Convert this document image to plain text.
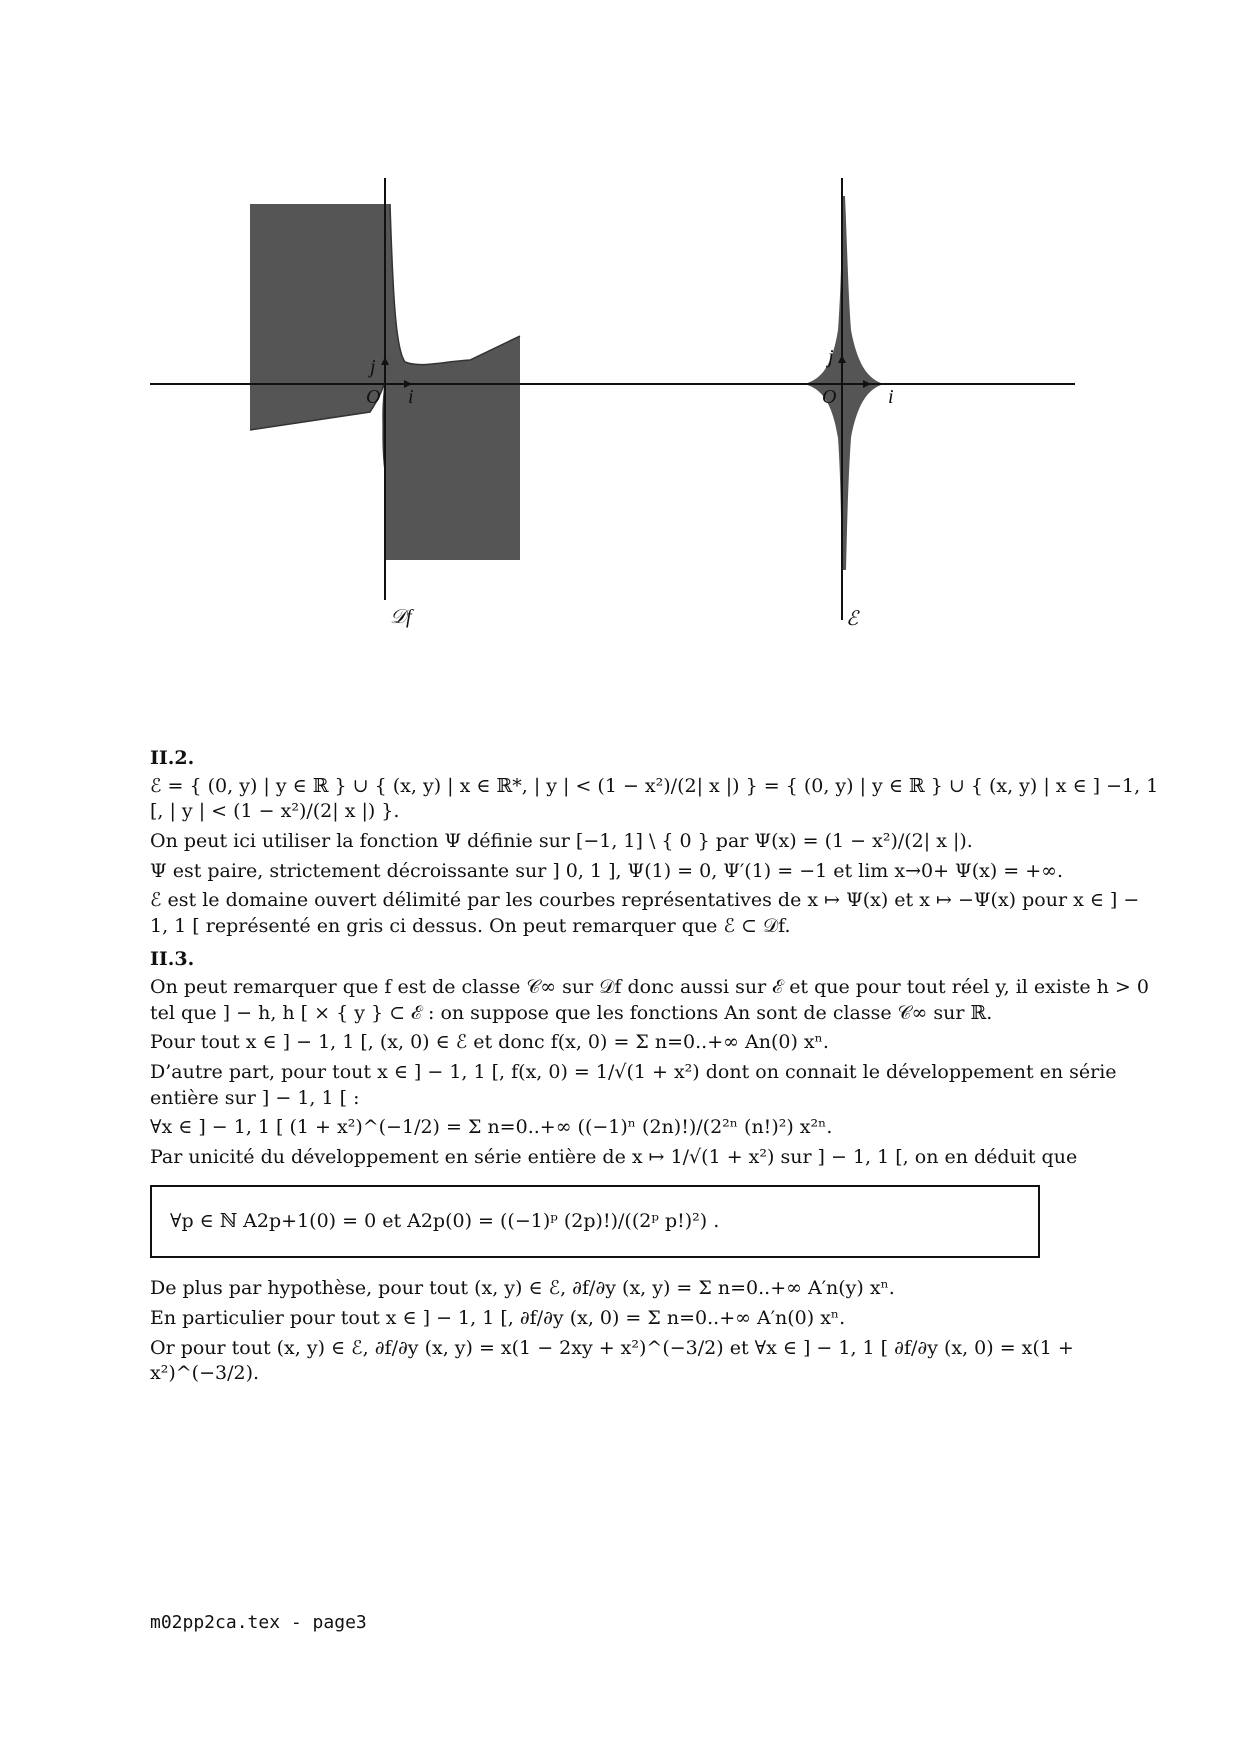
O i⃗
j⃗
𝒟f
O	i⃗
j⃗
ℰ

II.2.

ℰ = { (0, y) | y ∈ ℝ } ∪ { (x, y) | x ∈ ℝ*, | y | < (1 − x²)/(2| x |) } = { (0, y) | y ∈ ℝ } ∪ { (x, y) | x ∈ ] −1, 1 [, | y | < (1 − x²)/(2| x |) }.

On peut ici utiliser la fonction Ψ définie sur [−1, 1] \ { 0 } par Ψ(x) = (1 − x²)/(2| x |).

Ψ est paire, strictement décroissante sur ] 0, 1 ], Ψ(1) = 0, Ψ′(1) = −1 et lim x→0+ Ψ(x) = +∞.

ℰ est le domaine ouvert délimité par les courbes représentatives de x ↦ Ψ(x) et x ↦ −Ψ(x) pour x ∈ ] − 1, 1 [ représenté en gris ci dessus. On peut remarquer que ℰ ⊂ 𝒟f.

II.3.

On peut remarquer que f est de classe 𝒞∞ sur 𝒟f donc aussi sur ℰ et que pour tout réel y, il existe h > 0 tel que ] − h, h [ × { y } ⊂ ℰ : on suppose que les fonctions An sont de classe 𝒞∞ sur ℝ.

Pour tout x ∈ ] − 1, 1 [, (x, 0) ∈ ℰ et donc f(x, 0) = Σ n=0..+∞ An(0) xⁿ.

D’autre part, pour tout x ∈ ] − 1, 1 [, f(x, 0) = 1/√(1 + x²) dont on connait le développement en série entière sur ] − 1, 1 [ :

∀x ∈ ] − 1, 1 [ (1 + x²)^(−1/2) = Σ n=0..+∞ ((−1)ⁿ (2n)!)/(2²ⁿ (n!)²) x²ⁿ.

Par unicité du développement en série entière de x ↦ 1/√(1 + x²) sur ] − 1, 1 [, on en déduit que

∀p ∈ ℕ A2p+1(0) = 0 et A2p(0) = ((−1)ᵖ (2p)!)/((2ᵖ p!)²) .

De plus par hypothèse, pour tout (x, y) ∈ ℰ, ∂f/∂y (x, y) = Σ n=0..+∞ A′n(y) xⁿ.

En particulier pour tout x ∈ ] − 1, 1 [, ∂f/∂y (x, 0) = Σ n=0..+∞ A′n(0) xⁿ.

Or pour tout (x, y) ∈ ℰ, ∂f/∂y (x, y) = x(1 − 2xy + x²)^(−3/2) et ∀x ∈ ] − 1, 1 [ ∂f/∂y (x, 0) = x(1 + x²)^(−3/2).

m02pp2ca.tex - page3
